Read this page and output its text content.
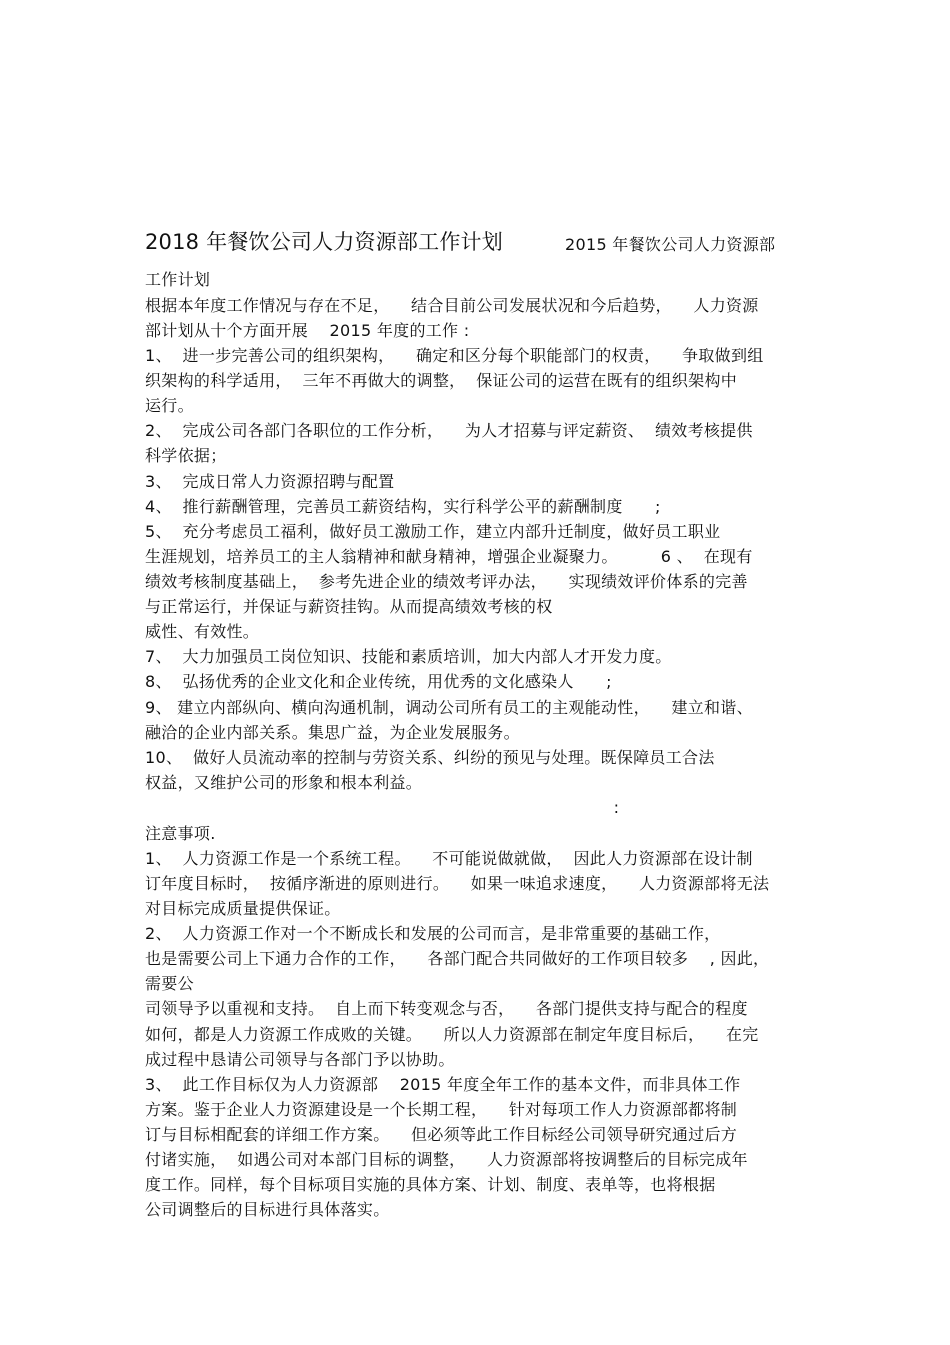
2018 年餐饮公司人力资源部工作计划	2015 年餐饮公司人力资源部
工作计划
根据本年度工作情况与存在不足，    结合目前公司发展状况和今后趋势，    人力资源
部计划从十个方面开展    2015 年度的工作 :
1、  进一步完善公司的组织架构，    确定和区分每个职能部门的权责，    争取做到组
织架构的科学适用，  三年不再做大的调整，  保证公司的运营在既有的组织架构中
运行。
2、  完成公司各部门各职位的工作分析，    为人才招募与评定薪资、  绩效考核提供
科学依据；
3、  完成日常人力资源招聘与配置
4、  推行薪酬管理，完善员工薪资结构，实行科学公平的薪酬制度      ;
5、  充分考虑员工福利，做好员工激励工作，建立内部升迁制度，做好员工职业
生涯规划，培养员工的主人翁精神和献身精神，增强企业凝聚力。        6 、  在现有
绩效考核制度基础上，  参考先进企业的绩效考评办法，    实现绩效评价体系的完善
与正常运行，并保证与薪资挂钩。从而提高绩效考核的权
威性、有效性。
7、  大力加强员工岗位知识、技能和素质培训，加大内部人才开发力度。
8、  弘扬优秀的企业文化和企业传统，用优秀的文化感染人      ;
9、 建立内部纵向、横向沟通机制，调动公司所有员工的主观能动性，    建立和谐、
融洽的企业内部关系。集思广益，为企业发展服务。
10、  做好人员流动率的控制与劳资关系、纠纷的预见与处理。既保障员工合法
权益，又维护公司的形象和根本利益。
:
注意事项.
1、  人力资源工作是一个系统工程。    不可能说做就做，  因此人力资源部在设计制
订年度目标时，  按循序渐进的原则进行。    如果一味追求速度，    人力资源部将无法
对目标完成质量提供保证。
2、  人力资源工作对一个不断成长和发展的公司而言，是非常重要的基础工作，
也是需要公司上下通力合作的工作，    各部门配合共同做好的工作项目较多    , 因此，
需要公
司领导予以重视和支持。  自上而下转变观念与否，    各部门提供支持与配合的程度
如何，都是人力资源工作成败的关键。    所以人力资源部在制定年度目标后，    在完
成过程中恳请公司领导与各部门予以协助。
3、  此工作目标仅为人力资源部    2015 年度全年工作的基本文件，而非具体工作
方案。鉴于企业人力资源建设是一个长期工程，    针对每项工作人力资源部都将制
订与目标相配套的详细工作方案。    但必须等此工作目标经公司领导研究通过后方
付诸实施，  如遇公司对本部门目标的调整，    人力资源部将按调整后的目标完成年
度工作。同样，每个目标项目实施的具体方案、计划、制度、表单等，也将根据
公司调整后的目标进行具体落实。
